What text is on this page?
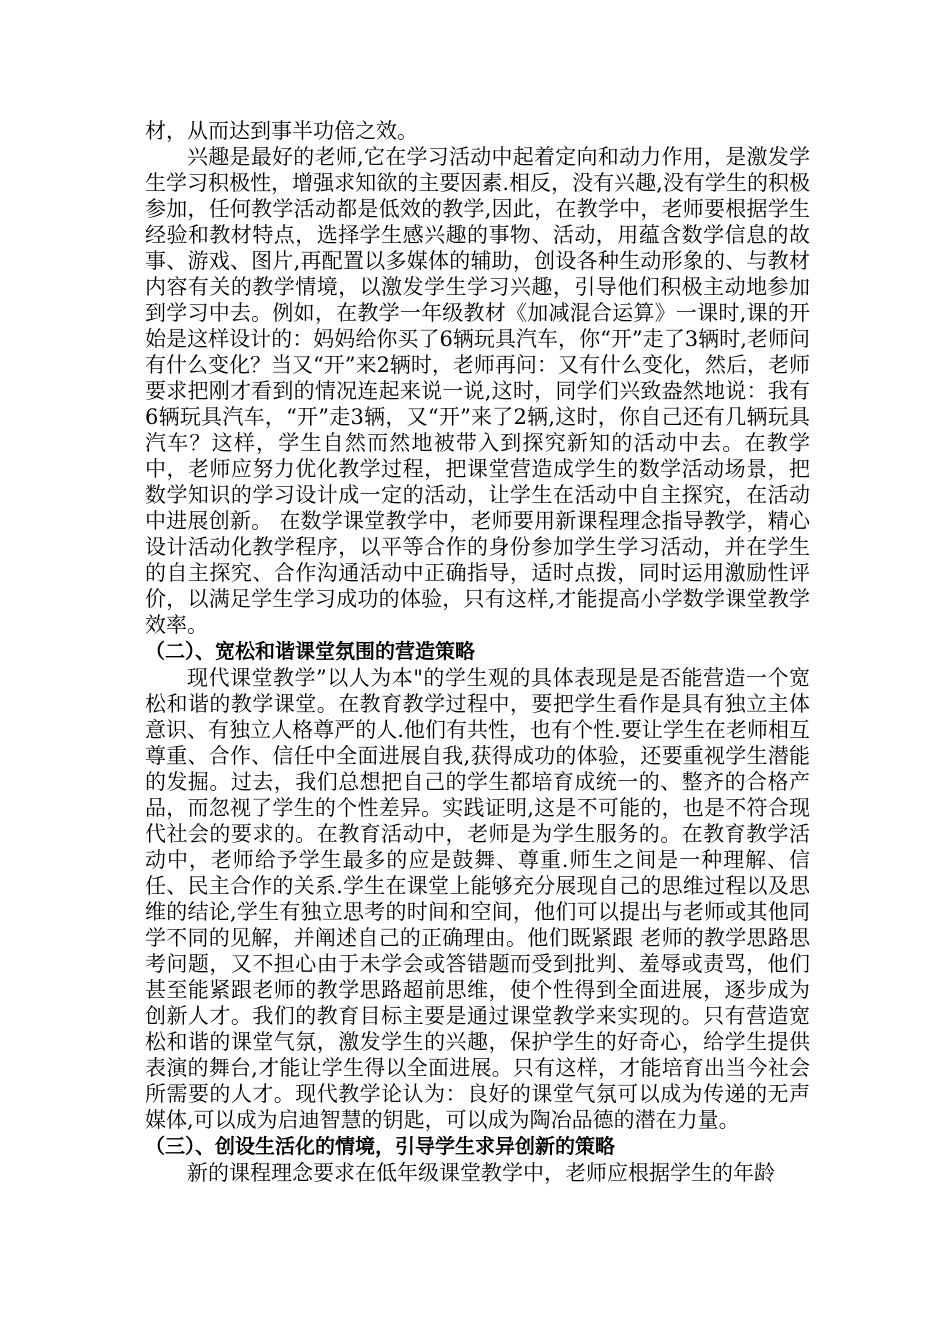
材，从而达到事半功倍之效。

兴趣是最好的老师,它在学习活动中起着定向和动力作用，是激发学生学习积极性，增强求知欲的主要因素.相反，没有兴趣,没有学生的积极参加，任何教学活动都是低效的教学,因此，在教学中，老师要根据学生经验和教材特点，选择学生感兴趣的事物、活动，用蕴含数学信息的故事、游戏、图片,再配置以多媒体的辅助，创设各种生动形象的、与教材内容有关的教学情境，以激发学生学习兴趣，引导他们积极主动地参加到学习中去。例如，在教学一年级教材《加减混合运算》一课时,课的开始是这样设计的：妈妈给你买了6辆玩具汽车，你“开”走了3辆时,老师问有什么变化？当又“开”来2辆时，老师再问：又有什么变化，然后，老师要求把刚才看到的情况连起来说一说,这时，同学们兴致盎然地说：我有6辆玩具汽车，“开”走3辆，又“开”来了2辆,这时，你自己还有几辆玩具汽车？这样，学生自然而然地被带入到探究新知的活动中去。在教学中，老师应努力优化教学过程，把课堂营造成学生的数学活动场景，把数学知识的学习设计成一定的活动，让学生在活动中自主探究，在活动中进展创新。 在数学课堂教学中，老师要用新课程理念指导教学，精心设计活动化教学程序，以平等合作的身份参加学生学习活动，并在学生的自主探究、合作沟通活动中正确指导，适时点拨，同时运用激励性评价，以满足学生学习成功的体验，只有这样,才能提高小学数学课堂教学效率。

（二）、宽松和谐课堂氛围的营造策略

现代课堂教学”以人为本"的学生观的具体表现是是否能营造一个宽松和谐的教学课堂。在教育教学过程中，要把学生看作是具有独立主体意识、有独立人格尊严的人.他们有共性，也有个性.要让学生在老师相互尊重、合作、信任中全面进展自我,获得成功的体验，还要重视学生潜能的发掘。过去，我们总想把自己的学生都培育成统一的、整齐的合格产品，而忽视了学生的个性差异。实践证明,这是不可能的，也是不符合现代社会的要求的。在教育活动中，老师是为学生服务的。在教育教学活动中，老师给予学生最多的应是鼓舞、尊重.师生之间是一种理解、信任、民主合作的关系.学生在课堂上能够充分展现自己的思维过程以及思维的结论,学生有独立思考的时间和空间，他们可以提出与老师或其他同学不同的见解，并阐述自己的正确理由。他们既紧跟 老师的教学思路思考问题，又不担心由于未学会或答错题而受到批判、羞辱或责骂，他们甚至能紧跟老师的教学思路超前思维，使个性得到全面进展，逐步成为创新人才。我们的教育目标主要是通过课堂教学来实现的。只有营造宽松和谐的课堂气氛，激发学生的兴趣，保护学生的好奇心，给学生提供表演的舞台,才能让学生得以全面进展。只有这样，才能培育出当今社会所需要的人才。现代教学论认为：良好的课堂气氛可以成为传递的无声媒体,可以成为启迪智慧的钥匙，可以成为陶冶品德的潜在力量。

（三）、创设生活化的情境，引导学生求异创新的策略

新的课程理念要求在低年级课堂教学中，老师应根据学生的年龄
